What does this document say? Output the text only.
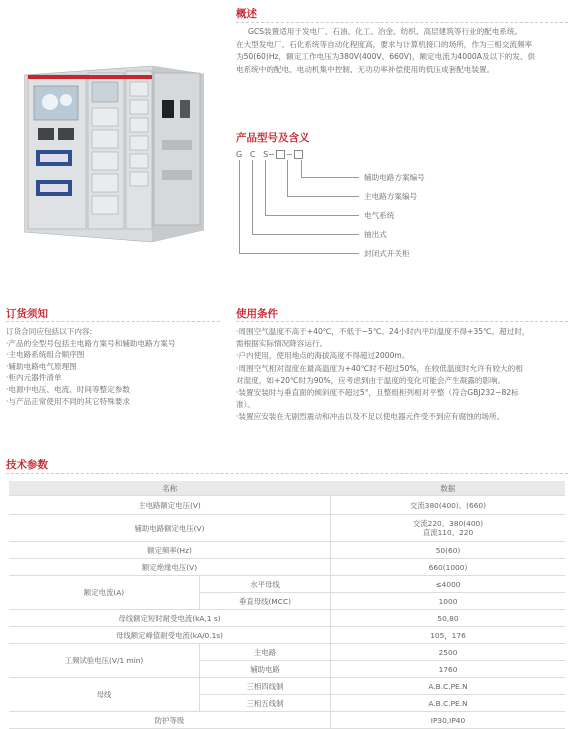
概述
GCS装置适用于发电厂、石油、化工、冶金、纺织、高层建筑等行业的配电系统。
在大型发电厂、石化系统等自动化程度高，要求与计算机接口的场所，作为三相交流频率
为50(60)Hz，额定工作电压为380V(400V、660V)，额定电流为4000A及以下的发、供
电系统中的配电、电动机集中控制、无功功率补偿使用的低压成套配电装置。
产品型号及含义
G C S− −
辅助电路方案编号
主电路方案编号
电气系统
抽出式
封闭式开关柜
订货须知
订货合同应包括以下内容:
·产品的全型号包括主电路方案号和辅助电路方案号
·主电路系统组合顺序图
·辅助电路电气原理图
·柜内元器件清单
·电源中电压、电流、时间等整定参数
·与产品正常使用不同的其它特殊要求
使用条件
·周围空气温度不高于+40℃，不低于−5℃。24小时内平均温度不得+35℃。超过时，
需根据实际情况降容运行。
·户内使用，使用地点的海拔高度不得超过2000m。
·周围空气相对湿度在最高温度为+40℃时不超过50%，在较低温度时允许有较大的相
对湿度，如+20℃时为90%，应考虑到由于温度的变化可能会产生凝露的影响。
·装置安装时与垂直面的倾斜度不超过5°，且整组柜列相对平整（符合GBJ232−82标
准）。
·装置应安装在无剧烈震动和冲击以及不足以使电器元件受不到应有腐蚀的场所。
技术参数
名称		数据
主电路额定电压(V)		交流380(400)、(660)
辅助电路额定电压(V)		交流220、380(400)
直流110、220

额定频率(Hz)		50(60)
额定绝缘电压(V)		660(1000)
额定电流(A)	水平母线	≤4000
	垂直母线(MCC)	1000
母线额定短时耐受电流(kA,1 s)		50,80
母线额定峰值耐受电流(kA/0.1s)		105，176
工频试验电压(V/1 min)	主电路	2500
	辅助电路	1760
母线	三相四线制	A.B.C.PE.N
	三相五线制	A.B.C.PE.N
防护等级		IP30,IP40
